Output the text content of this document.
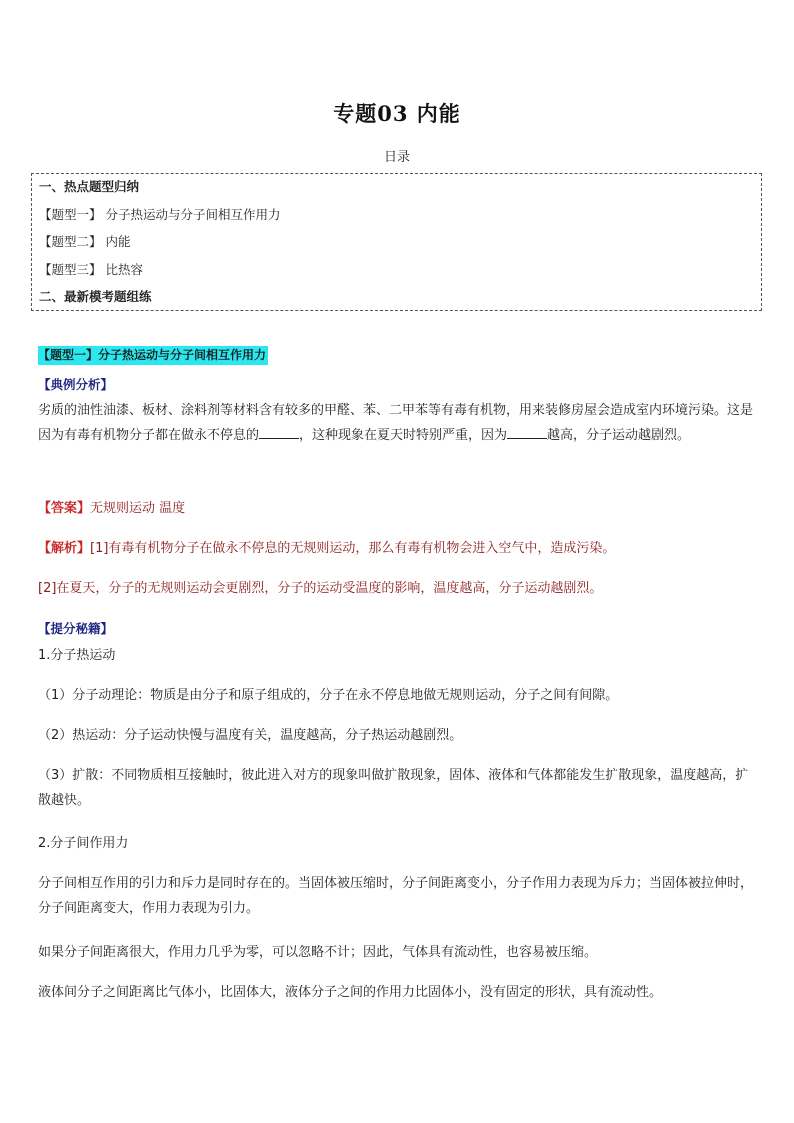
专题03 内能
日录
一、热点题型归纳
【题型一】 分子热运动与分子间相互作用力
【题型二】 内能
【题型三】 比热容
二、最新模考题组练
【题型一】分子热运动与分子间相互作用力
【典例分析】
劣质的油性油漆、板材、涂料剂等材料含有较多的甲醛、苯、二甲苯等有毒有机物，用来装修房屋会造成室内环境污染。这是因为有毒有机物分子都在做永不停息的	，这种现象在夏天时特别严重，因为	越高，分子运动越剧烈。
【答案】无规则运动 温度
【解析】[1]有毒有机物分子在做永不停息的无规则运动，那么有毒有机物会进入空气中，造成污染。
[2]在夏天，分子的无规则运动会更剧烈，分子的运动受温度的影响，温度越高，分子运动越剧烈。
【提分秘籍】
1.分子热运动
（1）分子动理论：物质是由分子和原子组成的，分子在永不停息地做无规则运动，分子之间有间隙。
（2）热运动：分子运动快慢与温度有关，温度越高，分子热运动越剧烈。
（3）扩散：不同物质相互接触时，彼此进入对方的现象叫做扩散现象，固体、液体和气体都能发生扩散现象，温度越高，扩散越快。
2.分子间作用力
分子间相互作用的引力和斥力是同时存在的。当固体被压缩时，分子间距离变小，分子作用力表现为斥力；当固体被拉伸时，分子间距离变大，作用力表现为引力。
如果分子间距离很大，作用力几乎为零，可以忽略不计；因此，气体具有流动性，也容易被压缩。
液体间分子之间距离比气体小，比固体大，液体分子之间的作用力比固体小，没有固定的形状，具有流动性。
